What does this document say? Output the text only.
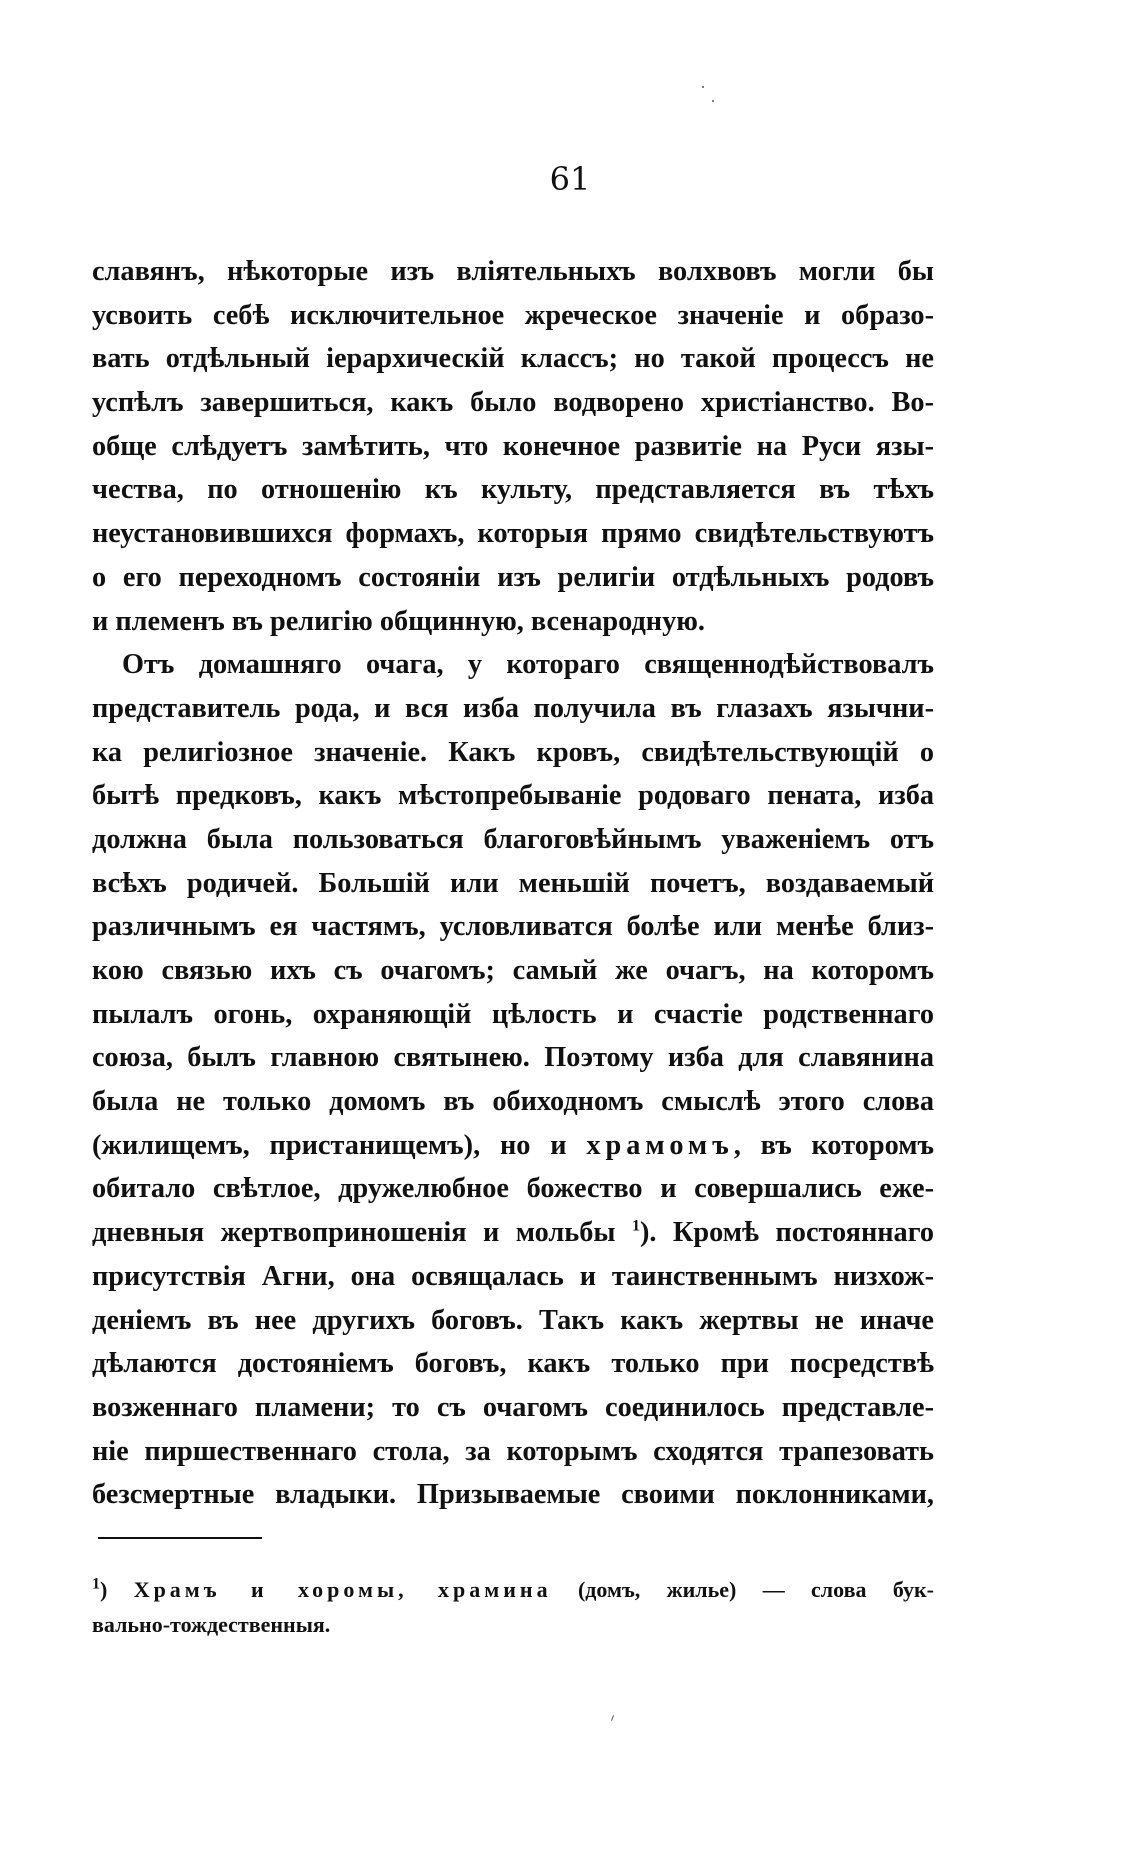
61
славянъ, нѣкоторые изъ вліятельныхъ волхвовъ могли бы
усвоить себѣ исключительное жреческое значеніе и образо-
вать отдѣльный іерархическій классъ; но такой процессъ не
успѣлъ завершиться, какъ было водворено христіанство. Во-
обще слѣдуетъ замѣтить, что конечное развитіе на Руси язы-
чества, по отношенію къ культу, представляется въ тѣхъ
неустановившихся формахъ, которыя прямо свидѣтельствуютъ
о его переходномъ состояніи изъ религіи отдѣльныхъ родовъ
и племенъ въ религію общинную, всенародную.
Отъ домашняго очага, у котораго священнодѣйствовалъ
представитель рода, и вся изба получила въ глазахъ язычни-
ка религіозное значеніе. Какъ кровъ, свидѣтельствующій о
бытѣ предковъ, какъ мѣстопребываніе родоваго пената, изба
должна была пользоваться благоговѣйнымъ уваженіемъ отъ
всѣхъ родичей. Большій или меньшій почетъ, воздаваемый
различнымъ ея частямъ, условливатся болѣе или менѣе близ-
кою связью ихъ съ очагомъ; самый же очагъ, на которомъ
пылалъ огонь, охраняющій цѣлость и счастіе родственнаго
союза, былъ главною святынею. Поэтому изба для славянина
была не только домомъ въ обиходномъ смыслѣ этого слова
(жилищемъ, пристанищемъ), но и храмомъ, въ которомъ
обитало свѣтлое, дружелюбное божество и совершались еже-
дневныя жертвоприношенія и мольбы $^1$). Кромѣ постояннаго
присутствія Агни, она освящалась и таинственнымъ низхож-
деніемъ въ нее другихъ боговъ. Такъ какъ жертвы не иначе
дѣлаются достояніемъ боговъ, какъ только при посредствѣ
возженнаго пламени; то съ очагомъ соединилось представле-
ніе пиршественнаго стола, за которымъ сходятся трапезовать
безсмертные владыки. Призываемые своими поклонниками,
$^1$) Храмъ и хоромы, храмина (домъ, жилье) — слова бук-
вально-тождественныя.
